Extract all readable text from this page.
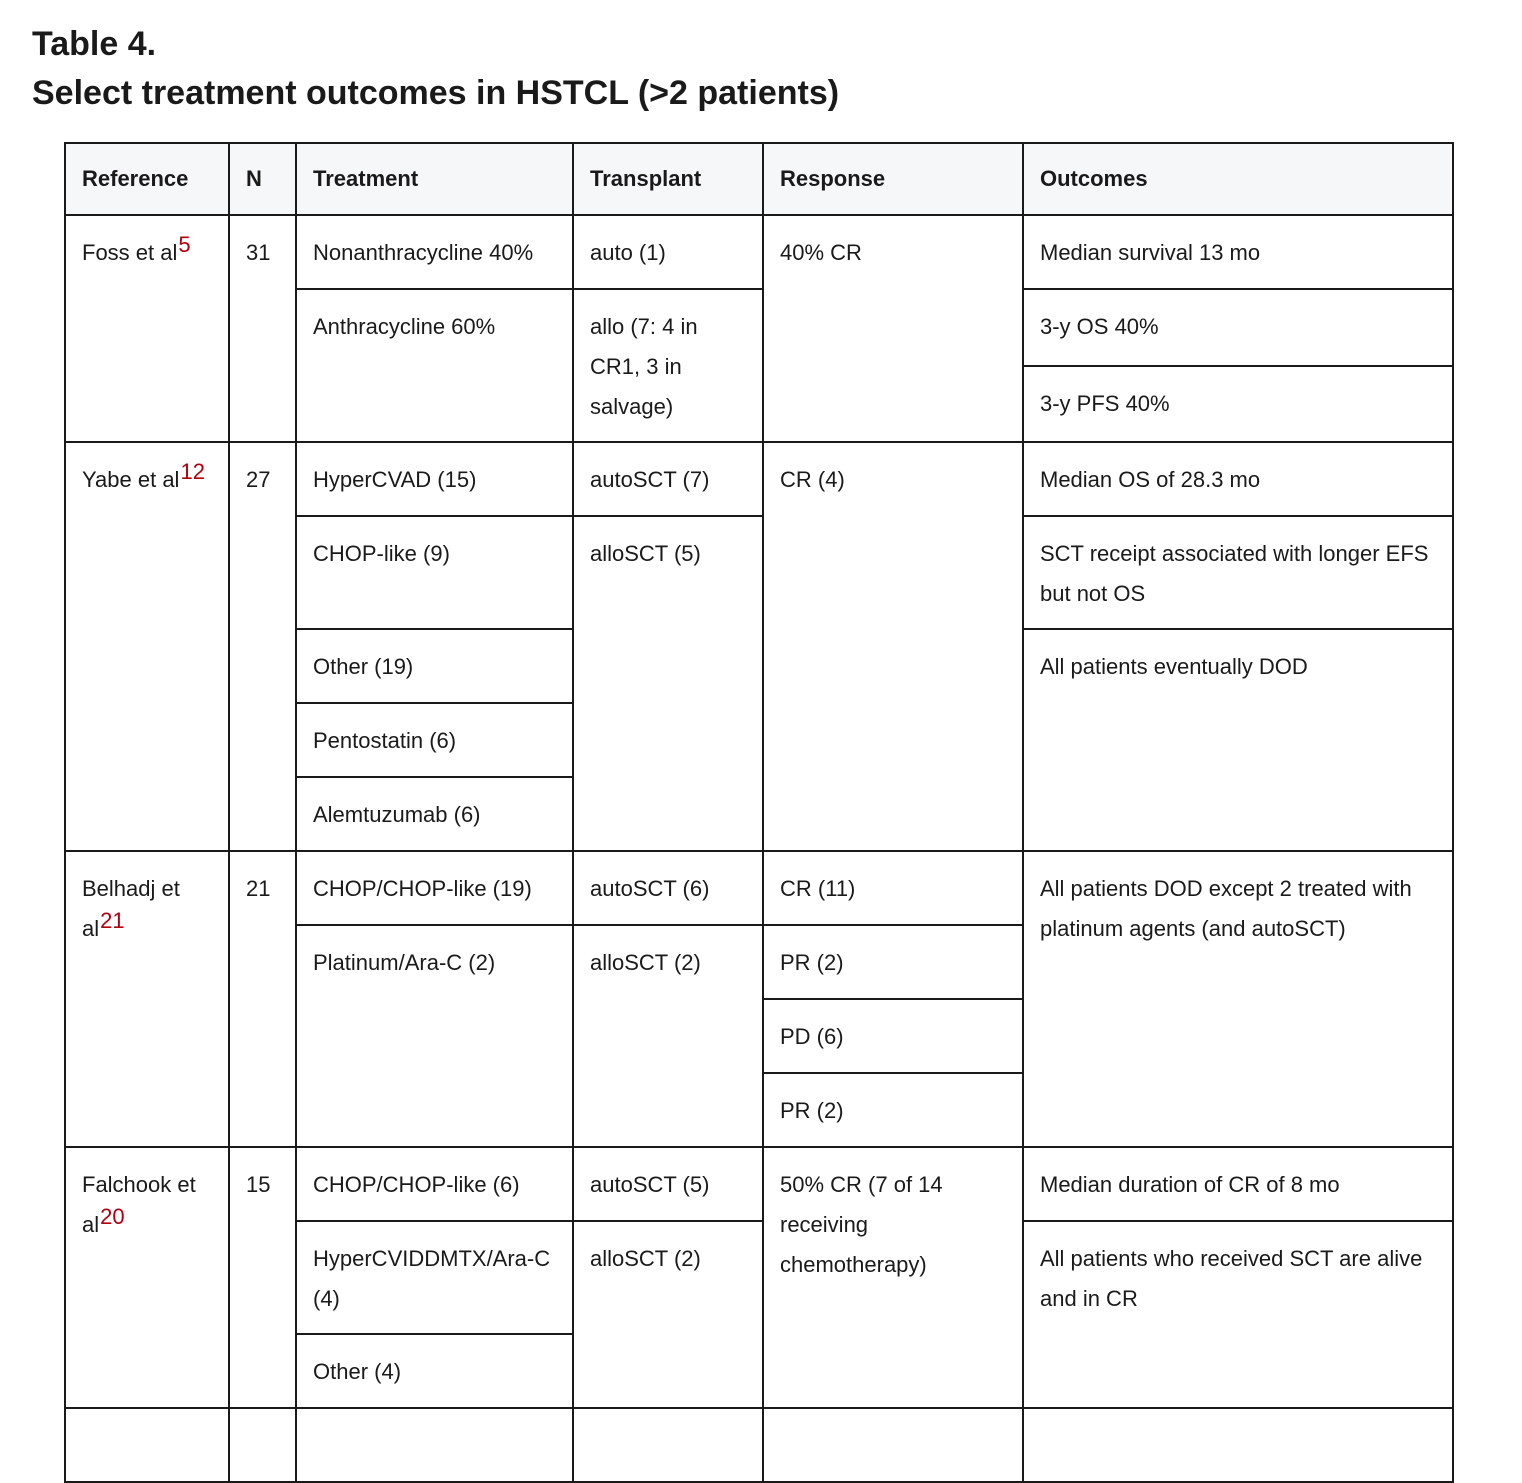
Table 4.
Select treatment outcomes in HSTCL (>2 patients)
Reference	N	Treatment	Transplant	Response	Outcomes
Foss et al$^5$	31	Nonanthracycline 40%	auto (1)	40% CR	Median survival 13 mo
		Anthracycline 60%	allo (7: 4 in CR1, 3 in salvage)		3-y OS 40%
					3-y PFS 40%
Yabe et al$^{12}$	27	HyperCVAD (15)	autoSCT (7)	CR (4)	Median OS of 28.3 mo
		CHOP-like (9)	alloSCT (5)		SCT receipt associated with longer EFS but not OS
		Other (19)			All patients eventually DOD
		Pentostatin (6)			
		Alemtuzumab (6)			
Belhadj et al$^{21}$	21	CHOP/CHOP-like (19)	autoSCT (6)	CR (11)	All patients DOD except 2 treated with platinum agents (and autoSCT)
		Platinum/Ara-C (2)	alloSCT (2)	PR (2)	
				PD (6)	
				PR (2)	
Falchook et al$^{20}$	15	CHOP/CHOP-like (6)	autoSCT (5)	50% CR (7 of 14 receiving chemotherapy)	Median duration of CR of 8 mo
		HyperCVIDDMTX/Ara-C (4)	alloSCT (2)		All patients who received SCT are alive and in CR
		Other (4)			
